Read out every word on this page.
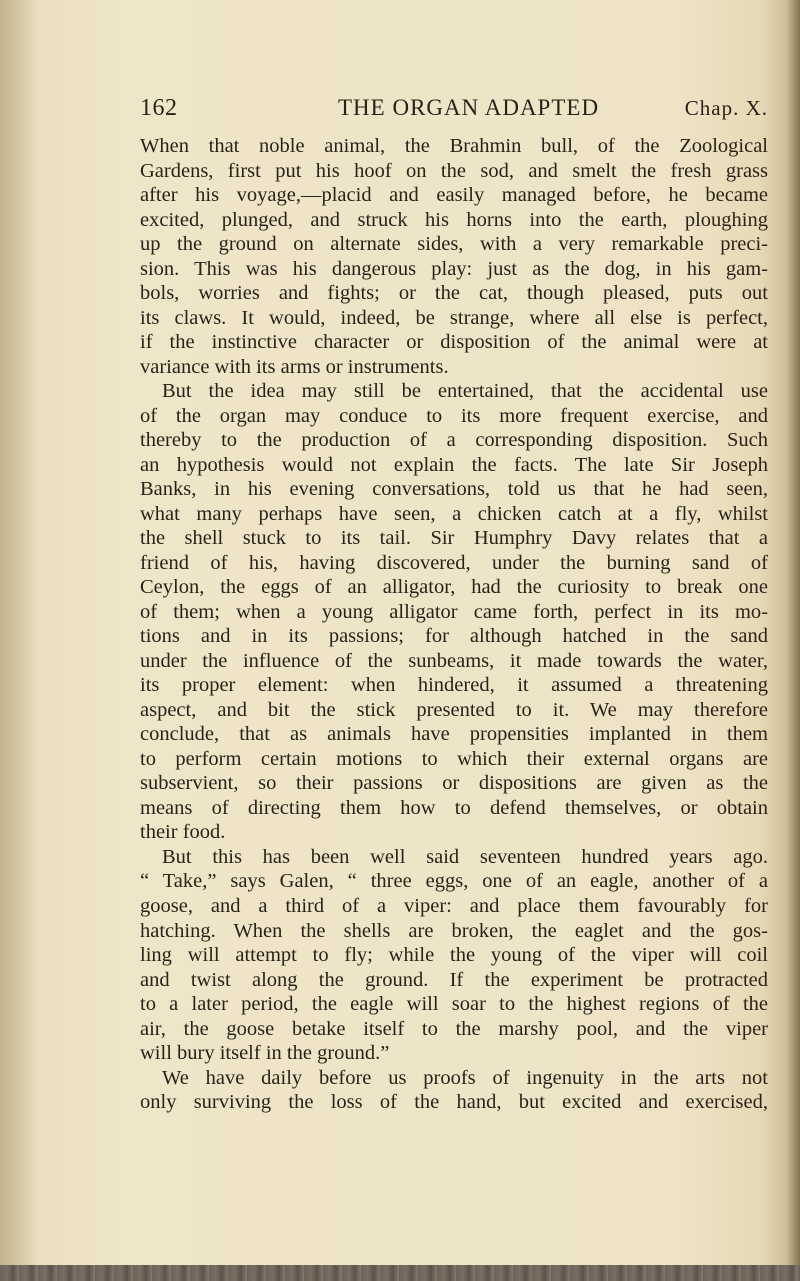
162	THE ORGAN ADAPTED	Chap. X.
When that noble animal, the Brahmin bull, of the Zoological
Gardens, first put his hoof on the sod, and smelt the fresh grass
after his voyage,—placid and easily managed before, he became
excited, plunged, and struck his horns into the earth, ploughing
up the ground on alternate sides, with a very remarkable preci-
sion. This was his dangerous play: just as the dog, in his gam-
bols, worries and fights; or the cat, though pleased, puts out
its claws. It would, indeed, be strange, where all else is perfect,
if the instinctive character or disposition of the animal were at
variance with its arms or instruments.
But the idea may still be entertained, that the accidental use
of the organ may conduce to its more frequent exercise, and
thereby to the production of a corresponding disposition. Such
an hypothesis would not explain the facts. The late Sir Joseph
Banks, in his evening conversations, told us that he had seen,
what many perhaps have seen, a chicken catch at a fly, whilst
the shell stuck to its tail. Sir Humphry Davy relates that a
friend of his, having discovered, under the burning sand of
Ceylon, the eggs of an alligator, had the curiosity to break one
of them; when a young alligator came forth, perfect in its mo-
tions and in its passions; for although hatched in the sand
under the influence of the sunbeams, it made towards the water,
its proper element: when hindered, it assumed a threatening
aspect, and bit the stick presented to it. We may therefore
conclude, that as animals have propensities implanted in them
to perform certain motions to which their external organs are
subservient, so their passions or dispositions are given as the
means of directing them how to defend themselves, or obtain
their food.
But this has been well said seventeen hundred years ago.
“ Take,” says Galen, “ three eggs, one of an eagle, another of a
goose, and a third of a viper: and place them favourably for
hatching. When the shells are broken, the eaglet and the gos-
ling will attempt to fly; while the young of the viper will coil
and twist along the ground. If the experiment be protracted
to a later period, the eagle will soar to the highest regions of the
air, the goose betake itself to the marshy pool, and the viper
will bury itself in the ground.”
We have daily before us proofs of ingenuity in the arts not
only surviving the loss of the hand, but excited and exercised,
